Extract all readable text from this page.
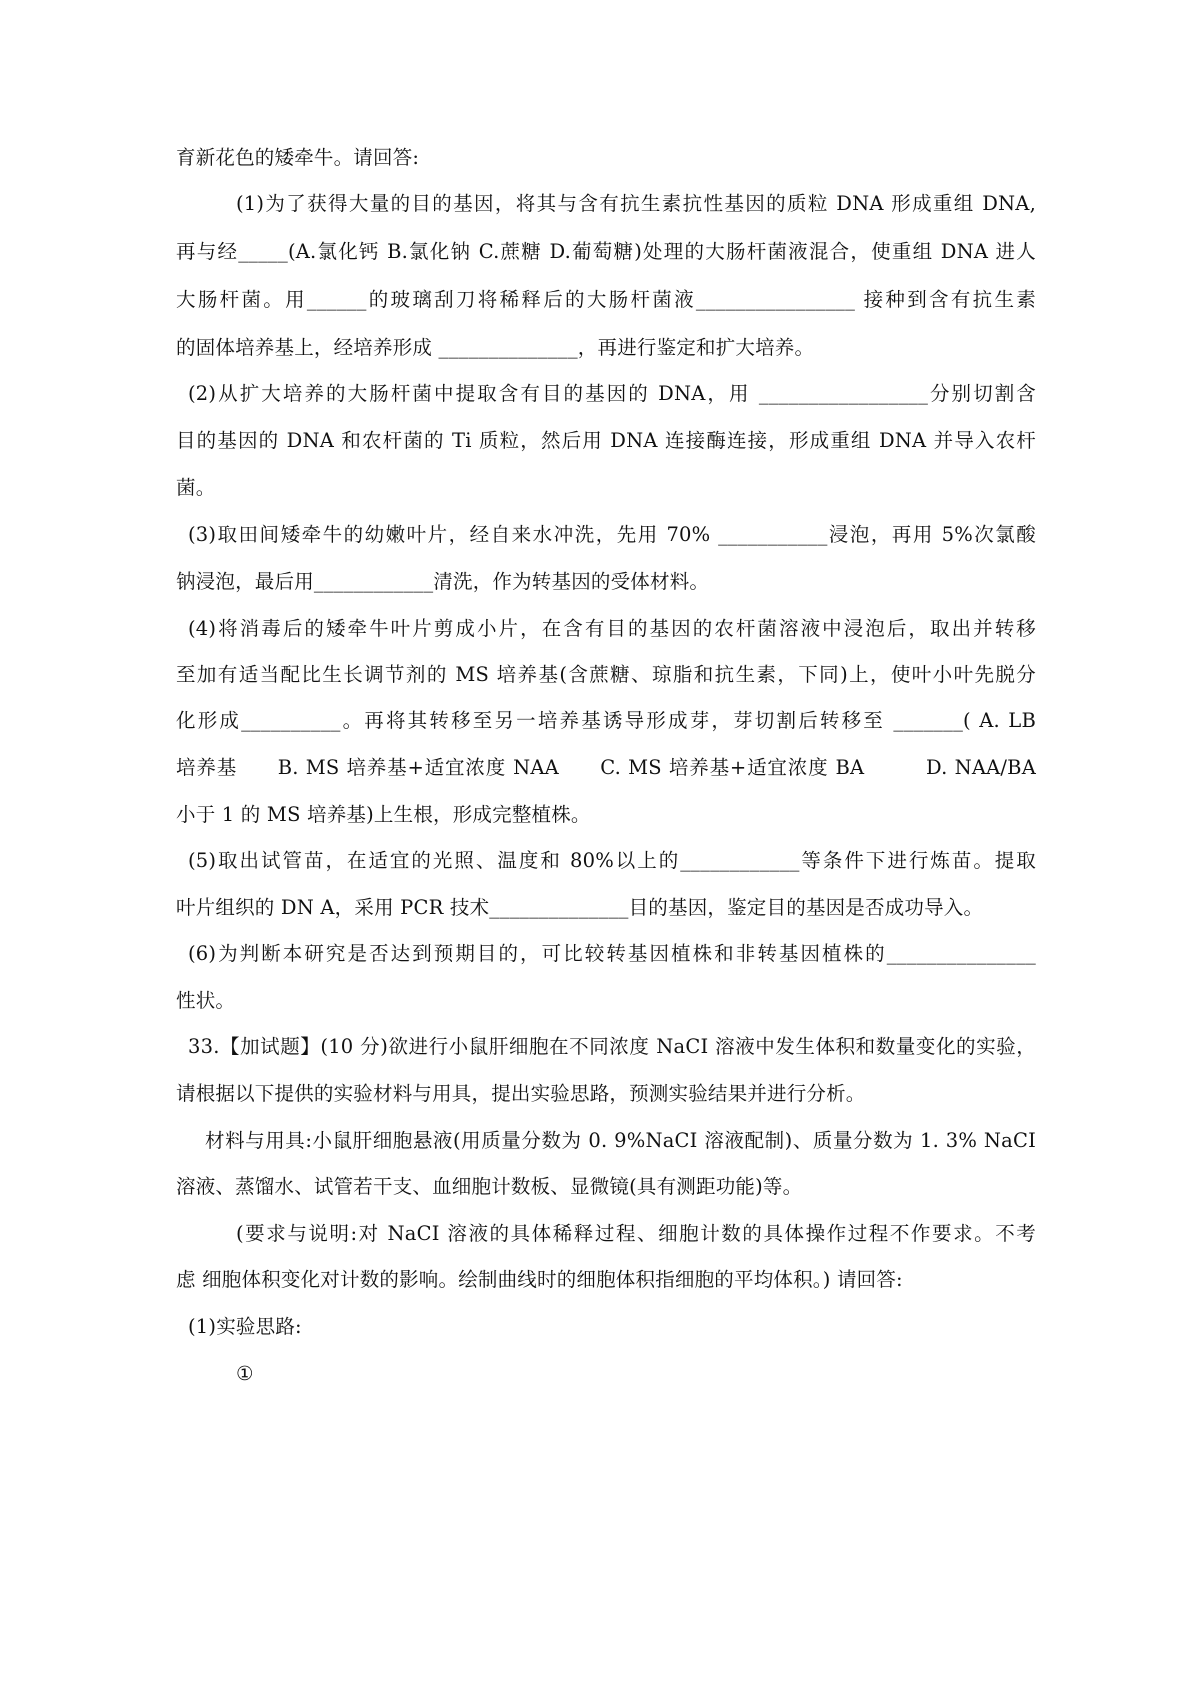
育新花色的矮牵牛。请回答:
(1)为了获得大量的目的基因，将其与含有抗生素抗性基因的质粒 DNA 形成重组 DNA,
再与经_____(A.氯化钙 B.氯化钠 C.蔗糖 D.葡萄糖)处理的大肠杆菌液混合，使重组 DNA 进人
大肠杆菌。用______的玻璃刮刀将稀释后的大肠杆菌液________________ 接种到含有抗生素
的固体培养基上，经培养形成 ______________，再进行鉴定和扩大培养。
(2)从扩大培养的大肠杆菌中提取含有目的基因的 DNA，用 _________________分别切割含
目的基因的 DNA 和农杆菌的 Ti 质粒，然后用 DNA 连接酶连接，形成重组 DNA 并导入农杆
菌。
(3)取田间矮牵牛的幼嫩叶片，经自来水冲洗，先用 70% ___________浸泡，再用 5%次氯酸
钠浸泡，最后用____________清洗，作为转基因的受体材料。
(4)将消毒后的矮牵牛叶片剪成小片，在含有目的基因的农杆菌溶液中浸泡后，取出并转移
至加有适当配比生长调节剂的 MS 培养基(含蔗糖、琼脂和抗生素，下同)上，使叶小叶先脱分
化形成__________。再将其转移至另一培养基诱导形成芽，芽切割后转移至 _______( A. LB
培养基　　B. MS 培养基+适宜浓度 NAA　　C. MS 培养基+适宜浓度 BA　　　D. NAA/BA
小于 1 的 MS 培养基)上生根，形成完整植株。
(5)取出试管苗，在适宜的光照、温度和 80%以上的____________等条件下进行炼苗。提取
叶片组织的 DN A，采用 PCR 技术______________目的基因，鉴定目的基因是否成功导入。
(6)为判断本研究是否达到预期目的，可比较转基因植株和非转基因植株的_______________
性状。
33.【加试题】(10 分)欲进行小鼠肝细胞在不同浓度 NaCI 溶液中发生体积和数量变化的实验，
请根据以下提供的实验材料与用具，提出实验思路，预测实验结果并进行分析。
材料与用具:小鼠肝细胞悬液(用质量分数为 0. 9%NaCI 溶液配制)、质量分数为 1. 3% NaCI
溶液、蒸馏水、试管若干支、血细胞计数板、显微镜(具有测距功能)等。
(要求与说明:对 NaCI 溶液的具体稀释过程、细胞计数的具体操作过程不作要求。不考
虑 细胞体积变化对计数的影响。绘制曲线时的细胞体积指细胞的平均体积。) 请回答:
(1)实验思路:
①
